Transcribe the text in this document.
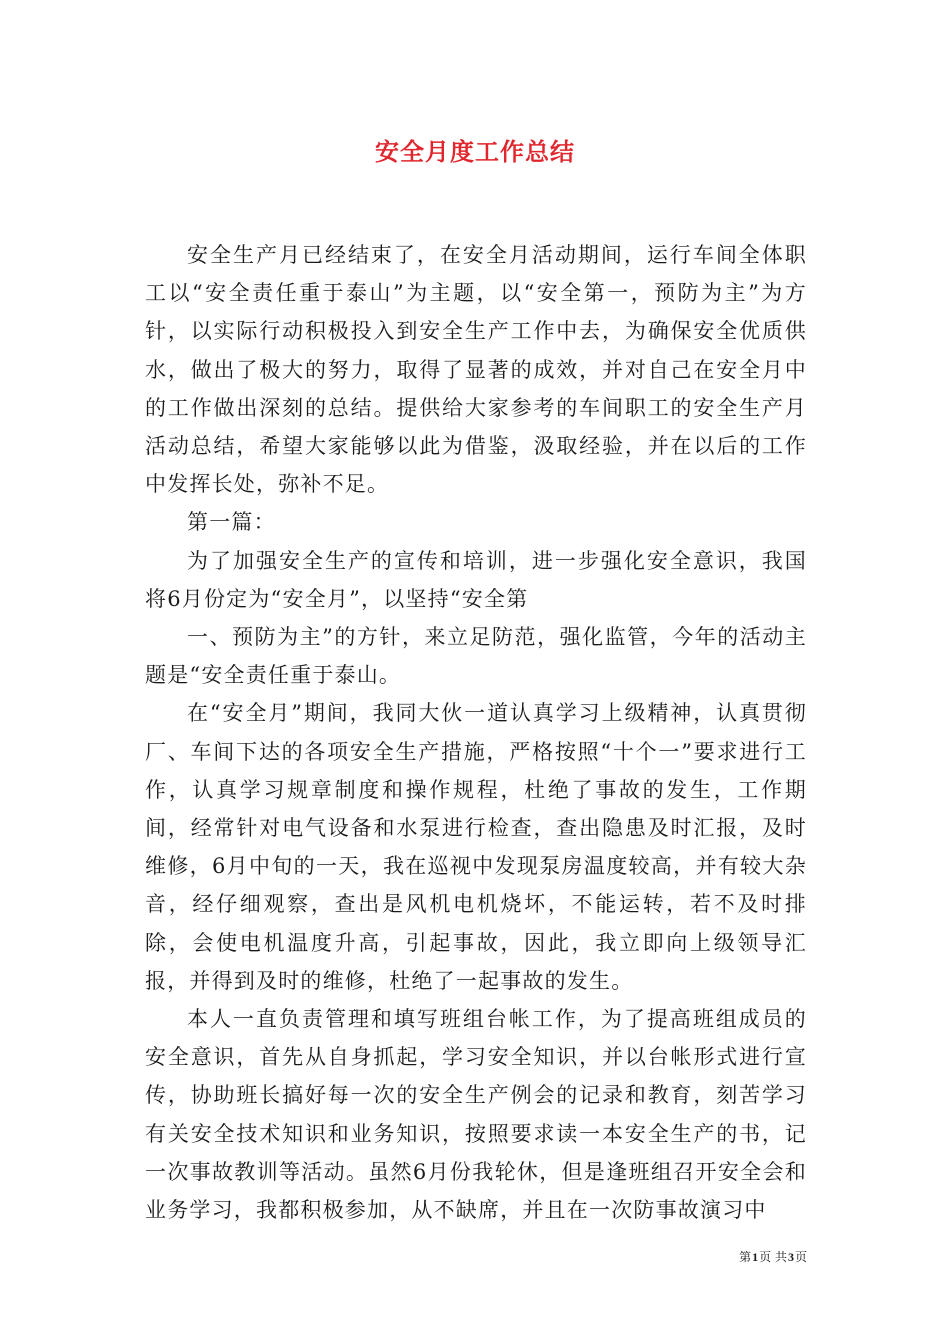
安全月度工作总结

安全生产月已经结束了，在安全月活动期间，运行车间全体职工以“安全责任重于泰山”为主题，以“安全第一，预防为主”为方针，以实际行动积极投入到安全生产工作中去，为确保安全优质供水，做出了极大的努力，取得了显著的成效，并对自己在安全月中的工作做出深刻的总结。提供给大家参考的车间职工的安全生产月活动总结，希望大家能够以此为借鉴，汲取经验，并在以后的工作中发挥长处，弥补不足。

第一篇：

为了加强安全生产的宣传和培训，进一步强化安全意识，我国将6月份定为“安全月”，以坚持“安全第

一、预防为主”的方针，来立足防范，强化监管，今年的活动主题是“安全责任重于泰山。

在“安全月”期间，我同大伙一道认真学习上级精神，认真贯彻厂、车间下达的各项安全生产措施，严格按照“十个一”要求进行工作，认真学习规章制度和操作规程，杜绝了事故的发生，工作期间，经常针对电气设备和水泵进行检查，查出隐患及时汇报，及时维修，6月中旬的一天，我在巡视中发现泵房温度较高，并有较大杂音，经仔细观察，查出是风机电机烧坏，不能运转，若不及时排除，会使电机温度升高，引起事故，因此，我立即向上级领导汇报，并得到及时的维修，杜绝了一起事故的发生。

本人一直负责管理和填写班组台帐工作，为了提高班组成员的安全意识，首先从自身抓起，学习安全知识，并以台帐形式进行宣传，协助班长搞好每一次的安全生产例会的记录和教育，刻苦学习有关安全技术知识和业务知识，按照要求读一本安全生产的书，记一次事故教训等活动。虽然6月份我轮休，但是逢班组召开安全会和业务学习，我都积极参加，从不缺席，并且在一次防事故演习中

第1页 共3页
